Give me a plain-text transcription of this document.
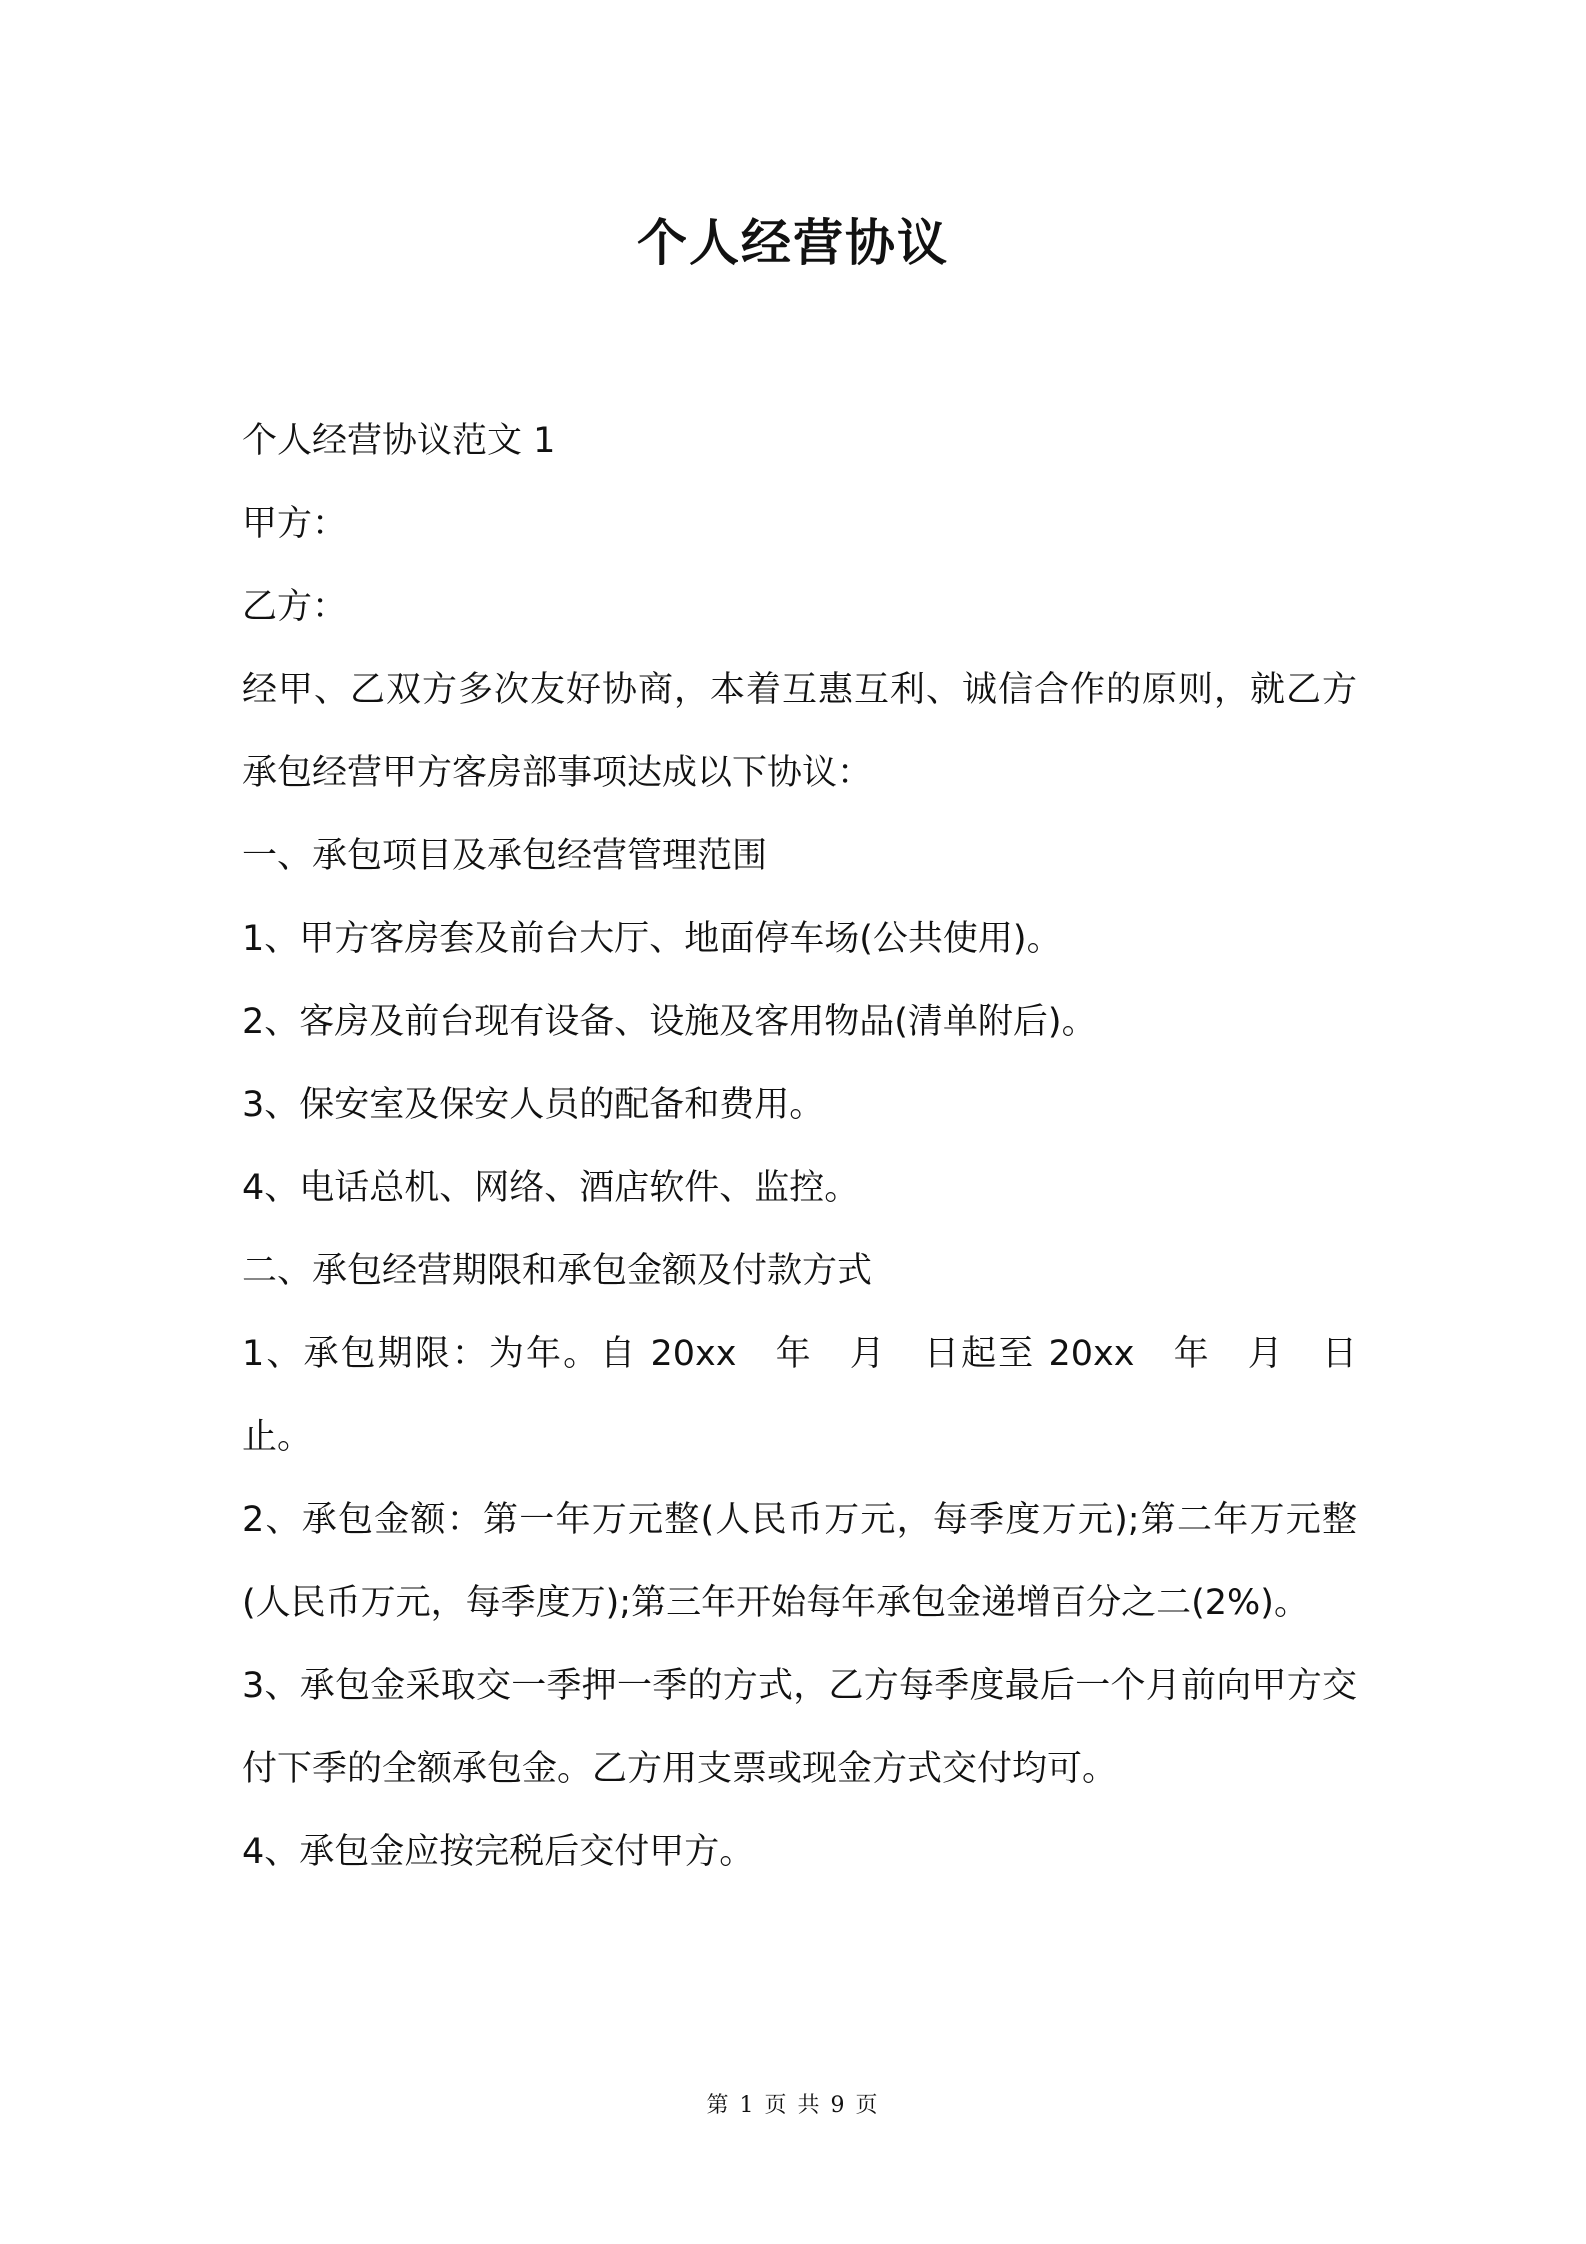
个人经营协议

个人经营协议范文 1

甲方：

乙方：

经甲、乙双方多次友好协商，本着互惠互利、诚信合作的原则，就乙方承包经营甲方客房部事项达成以下协议：

一、承包项目及承包经营管理范围

1、甲方客房套及前台大厅、地面停车场(公共使用)。

2、客房及前台现有设备、设施及客用物品(清单附后)。

3、保安室及保安人员的配备和费用。

4、电话总机、网络、酒店软件、监控。

二、承包经营期限和承包金额及付款方式

1、承包期限：为年。自 20xx　年　月　日起至 20xx　年　月　日止。

2、承包金额：第一年万元整(人民币万元，每季度万元);第二年万元整(人民币万元，每季度万);第三年开始每年承包金递增百分之二(2%)。

3、承包金采取交一季押一季的方式，乙方每季度最后一个月前向甲方交付下季的全额承包金。乙方用支票或现金方式交付均可。

4、承包金应按完税后交付甲方。

第 1 页 共 9 页
